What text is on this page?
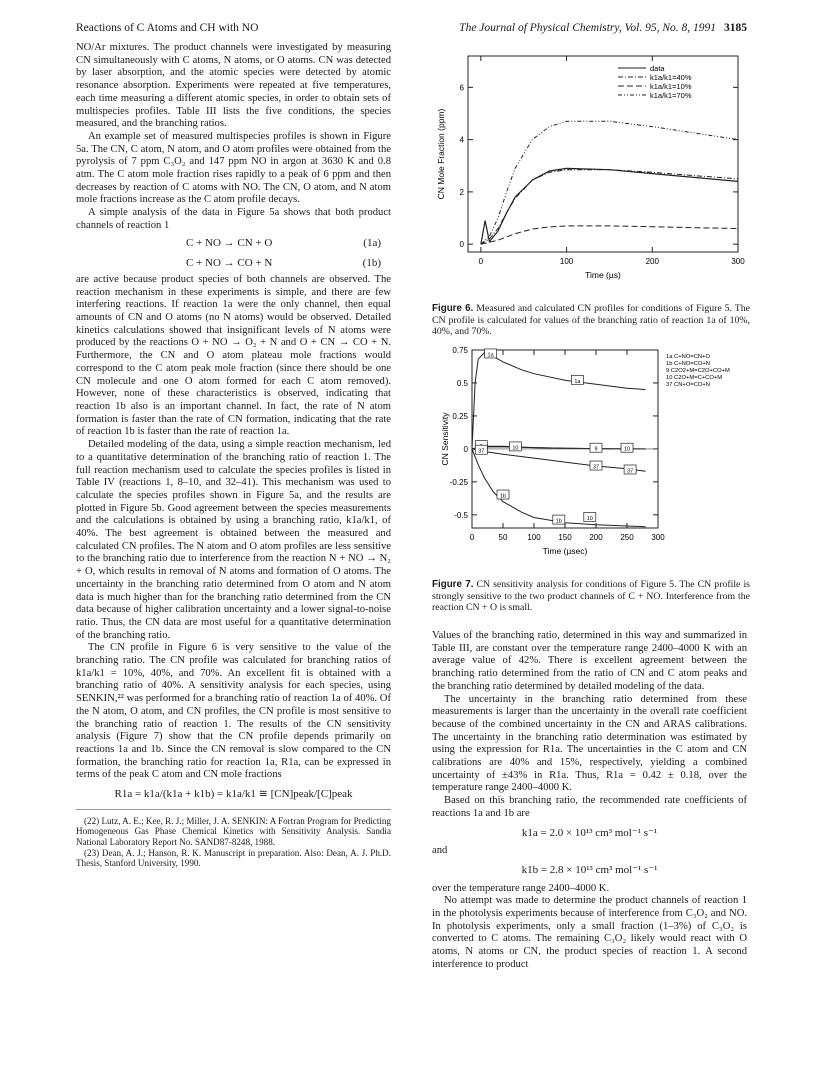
Reactions of C Atoms and CH with NO	The Journal of Physical Chemistry, Vol. 95, No. 8, 1991 3185

NO/Ar mixtures. The product channels were investigated by measuring CN simultaneously with C atoms, N atoms, or O atoms. CN was detected by laser absorption, and the atomic species were detected by atomic resonance absorption. Experiments were repeated at five temperatures, each time measuring a different atomic species, in order to obtain sets of multispecies profiles. Table III lists the five conditions, the species measured, and the branching ratios.

An example set of measured multispecies profiles is shown in Figure 5a. The CN, C atom, N atom, and O atom profiles were obtained from the pyrolysis of 7 ppm C₃O₂ and 147 ppm NO in argon at 3630 K and 0.8 atm. The C atom mole fraction rises rapidly to a peak of 6 ppm and then decreases by reaction of C atoms with NO. The CN, O atom, and N atom mole fractions increase as the C atom profile decays.

A simple analysis of the data in Figure 5a shows that both product channels of reaction 1

C + NO → CN + O	(1a)
C + NO → CO + N	(1b)

are active because product species of both channels are observed. The reaction mechanism in these experiments is simple, and there are few interfering reactions. If reaction 1a were the only channel, then equal amounts of CN and O atoms (no N atoms) would be observed. Detailed kinetics calculations showed that insignificant levels of N atoms were produced by the reactions O + NO → O₂ + N and O + CN → CO + N. Furthermore, the CN and O atom plateau mole fractions would correspond to the C atom peak mole fraction (since there should be one CN molecule and one O atom formed for each C atom removed). However, none of these characteristics is observed, indicating that reaction 1b also is an important channel. In fact, the rate of N atom formation is faster than the rate of CN formation, indicating that the rate of reaction 1b is faster than the rate of reaction 1a.

Detailed modeling of the data, using a simple reaction mechanism, led to a quantitative determination of the branching ratio of reaction 1. The full reaction mechanism used to calculate the species profiles is listed in Table IV (reactions 1, 8–10, and 32–41). This mechanism was used to calculate the species profiles shown in Figure 5a, and the results are plotted in Figure 5b. Good agreement between the species measurements and the calculations is obtained by using a branching ratio, k1a/k1, of 40%. The best agreement is obtained between the measured and calculated CN profiles. The N atom and O atom profiles are less sensitive to the branching ratio due to interference from the reaction N + NO → N₂ + O, which results in removal of N atoms and formation of O atoms. The uncertainty in the branching ratio determined from O atom and N atom data is much higher than for the branching ratio determined from the CN data because of higher calibration uncertainty and a lower signal-to-noise ratio. Thus, the CN data are most useful for a quantitative determination of the branching ratio.

The CN profile in Figure 6 is very sensitive to the value of the branching ratio. The CN profile was calculated for branching ratios of k1a/k1 = 10%, 40%, and 70%. An excellent fit is obtained with a branching ratio of 40%. A sensitivity analysis for each species, using SENKIN,²² was performed for a branching ratio of reaction 1a of 40%. Of the N atom, O atom, and CN profiles, the CN profile is most sensitive to the branching ratio of reaction 1. The results of the CN sensitivity analysis (Figure 7) show that the CN profile depends primarily on reactions 1a and 1b. Since the CN removal is slow compared to the CN formation, the branching ratio for reaction 1a, R1a, can be expressed in terms of the peak C atom and CN mole fractions

R1a = k1a/(k1a + k1b) = k1a/k1 ≅ [CN]peak/[C]peak
(22) Lutz, A. E.; Kee, R. J.; Miller, J. A. SENKIN: A Fortran Program for Predicting Homogeneous Gas Phase Chemical Kinetics with Sensitivity Analysis. Sandia National Laboratory Report No. SAND87-8248, 1988.
(23) Dean, A. J.; Hanson, R. K. Manuscript in preparation. Also: Dean, A. J. Ph.D. Thesis, Stanford University, 1990.
0	100	200	300
0
2
4
6
Time (µs)
CN Mole Fraction (ppm)
data
k1a/k1=40%
k1a/k1=10%
k1a/k1=70%
Figure 6. Measured and calculated CN profiles for conditions of Figure 5. The CN profile is calculated for values of the branching ratio of reaction 1a of 10%, 40%, and 70%.
0	50 100 150 200 250 300
-0.5
-0.25
0
0.25
0.5
0.75
Time (µsec)
CN Sensitivity
1a
1b
1b
1a
37
10	9	10
37
37
10
1a C+NO=CN+O
1b C+NO=CO+N
9 C2O2+M=C2O+CO+M
10 C2O+M=C+CO+M
37 CN+O=CO+N
Figure 7. CN sensitivity analysis for conditions of Figure 5. The CN profile is strongly sensitive to the two product channels of C + NO. Interference from the reaction CN + O is small.

Values of the branching ratio, determined in this way and summarized in Table III, are constant over the temperature range 2400–4000 K with an average value of 42%. There is excellent agreement between the branching ratio determined from the ratio of CN and C atom peaks and the branching ratio determined by detailed modeling of the data.

The uncertainty in the branching ratio determined from these measurements is larger than the uncertainty in the overall rate coefficient because of the combined uncertainty in the CN and ARAS calibrations. The uncertainty in the branching ratio determination was estimated by using the expression for R1a. The uncertainties in the C atom and CN calibrations are 40% and 15%, respectively, yielding a combined uncertainty of ±43% in R1a. Thus, R1a = 0.42 ± 0.18, over the temperature range 2400–4000 K.

Based on this branching ratio, the recommended rate coefficients of reactions 1a and 1b are

k1a = 2.0 × 10¹³ cm³ mol⁻¹ s⁻¹

and

k1b = 2.8 × 10¹³ cm³ mol⁻¹ s⁻¹

over the temperature range 2400–4000 K.

No attempt was made to determine the product channels of reaction 1 in the photolysis experiments because of interference from C₃O₂ and NO. In photolysis experiments, only a small fraction (1–3%) of C₃O₂ is converted to C atoms. The remaining C₃O₂ likely would react with O atoms, N atoms or CN, the product species of reaction 1. A second interference to product
